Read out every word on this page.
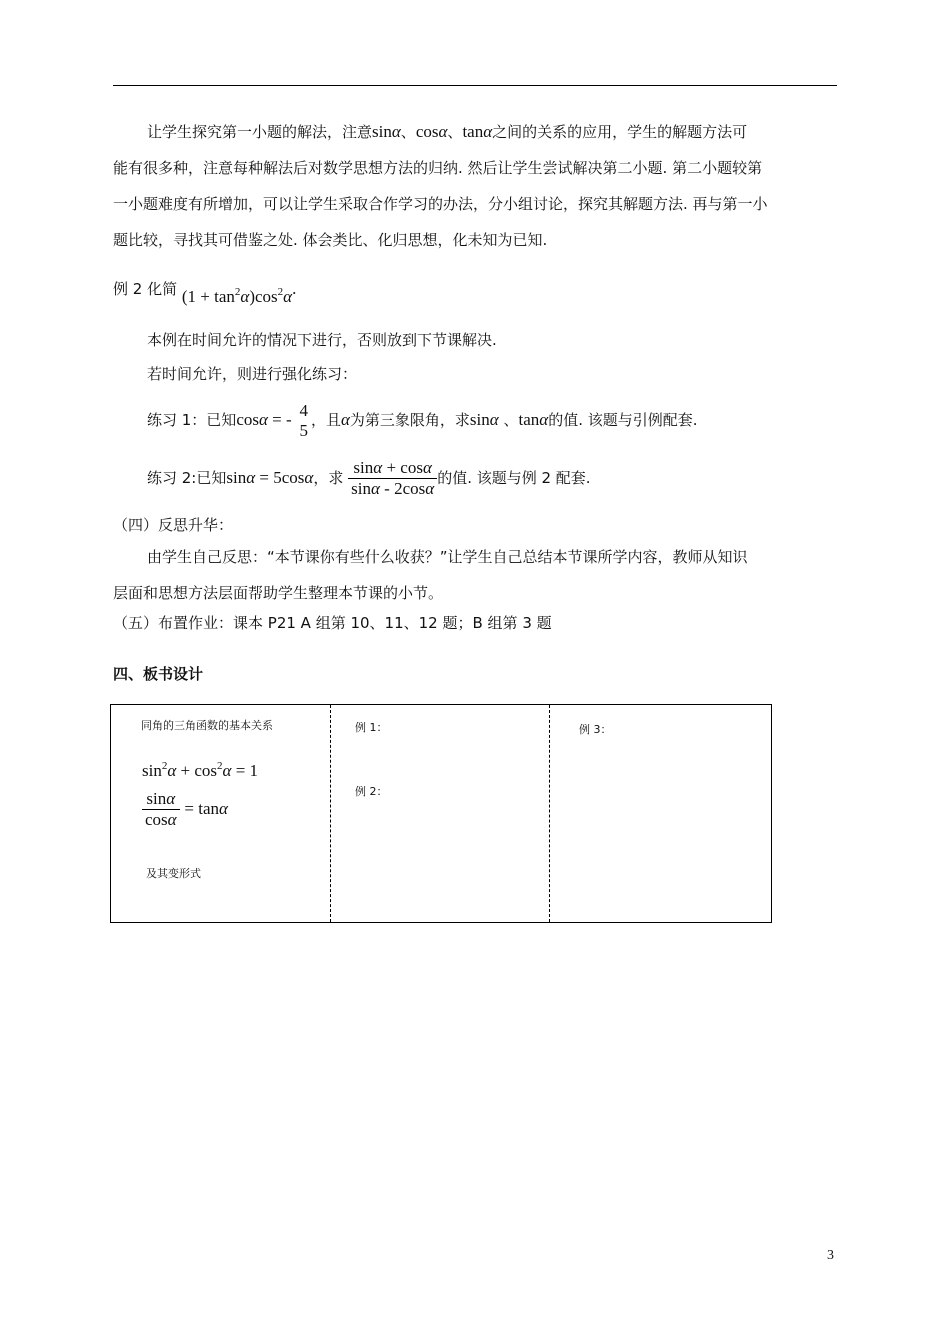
让学生探究第一小题的解法，注意sinα、cosα、tanα之间的关系的应用，学生的解题方法可

能有很多种，注意每种解法后对数学思想方法的归纳. 然后让学生尝试解决第二小题. 第二小题较第

一小题难度有所增加，可以让学生采取合作学习的办法，分小组讨论，探究其解题方法. 再与第一小

题比较，寻找其可借鉴之处. 体会类比、化归思想，化未知为已知.

例 2 化简 $(1 + \tan^2\alpha)\cos^2\alpha$.
本例在时间允许的情况下进行，否则放到下节课解决.
若时间允许，则进行强化练习：
练习 1：已知cosα = - 4
5
，且α为第三象限角，求sinα 、tanα的值. 该题与引例配套.
练习 2:已知sinα = 5cosα，求 $\frac{\sin\alpha + \cos\alpha}{\sin\alpha - 2\cos\alpha}$ 的值. 该题与例 2 配套.
（四）反思升华：

由学生自己反思：“本节课你有些什么收获？”让学生自己总结本节课所学内容，教师从知识

层面和思想方法层面帮助学生整理本节课的小节。

（五）布置作业：课本 P21 A 组第 10、11、12 题；B 组第 3 题
四、板书设计
同角的三角函数的基本关系
$\sin^2\alpha + \cos^2\alpha = 1$
$\frac{\sin\alpha}{\cos\alpha} = \tan\alpha$
及其变形式
例 1：
例 2：
例 3：
3
